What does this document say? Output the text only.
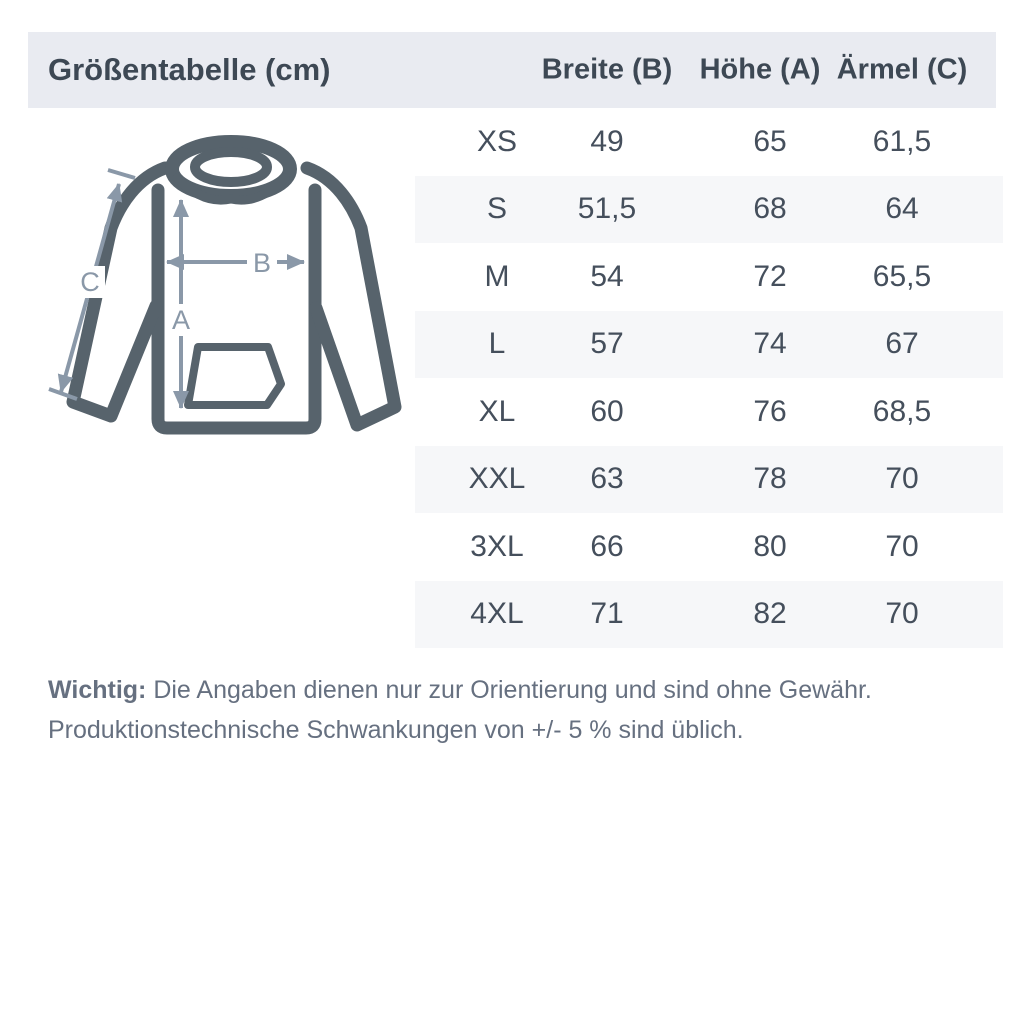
Größentabelle (cm)	Breite (B) Höhe (A) Ärmel (C)
A
B
C
XS 49	65	61,5
S 51,5	68	64
M	54	72	65,5
L	57	74	67
XL 60	76	68,5
XXL 63	78	70
3XL 66	80	70
4XL 71	82	70
Wichtig: Die Angaben dienen nur zur Orientierung und sind ohne Gewähr.
Produktionstechnische Schwankungen von +/- 5 % sind üblich.
